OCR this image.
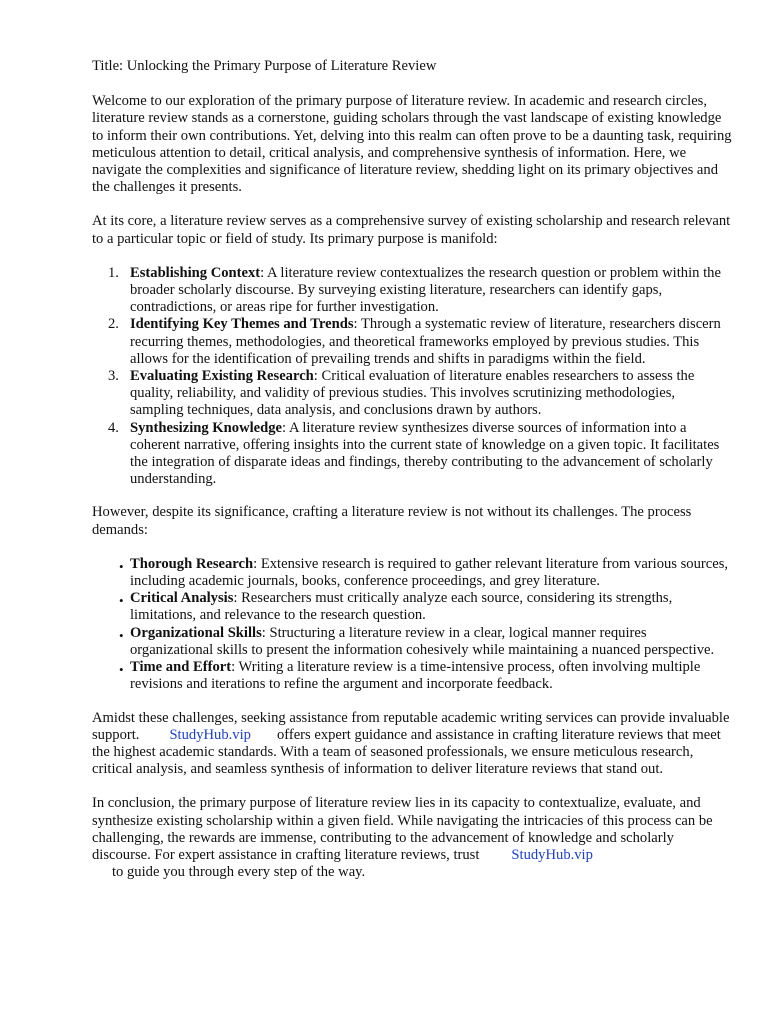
Title: Unlocking the Primary Purpose of Literature Review

Welcome to our exploration of the primary purpose of literature review. In academic and research circles, literature review stands as a cornerstone, guiding scholars through the vast landscape of existing knowledge to inform their own contributions. Yet, delving into this realm can often prove to be a daunting task, requiring meticulous attention to detail, critical analysis, and comprehensive synthesis of information. Here, we navigate the complexities and significance of literature review, shedding light on its primary objectives and the challenges it presents.

At its core, a literature review serves as a comprehensive survey of existing scholarship and research relevant to a particular topic or field of study. Its primary purpose is manifold:

1. Establishing Context: A literature review contextualizes the research question or problem within the broader scholarly discourse. By surveying existing literature, researchers can identify gaps, contradictions, or areas ripe for further investigation.
2. Identifying Key Themes and Trends: Through a systematic review of literature, researchers discern recurring themes, methodologies, and theoretical frameworks employed by previous studies. This allows for the identification of prevailing trends and shifts in paradigms within the field.
3. Evaluating Existing Research: Critical evaluation of literature enables researchers to assess the quality, reliability, and validity of previous studies. This involves scrutinizing methodologies, sampling techniques, data analysis, and conclusions drawn by authors.
4. Synthesizing Knowledge: A literature review synthesizes diverse sources of information into a coherent narrative, offering insights into the current state of knowledge on a given topic. It facilitates the integration of disparate ideas and findings, thereby contributing to the advancement of scholarly understanding.

However, despite its significance, crafting a literature review is not without its challenges. The process demands:

• Thorough Research: Extensive research is required to gather relevant literature from various sources, including academic journals, books, conference proceedings, and grey literature.
• Critical Analysis: Researchers must critically analyze each source, considering its strengths, limitations, and relevance to the research question.
• Organizational Skills: Structuring a literature review in a clear, logical manner requires organizational skills to present the information cohesively while maintaining a nuanced perspective.
• Time and Effort: Writing a literature review is a time-intensive process, often involving multiple revisions and iterations to refine the argument and incorporate feedback.

Amidst these challenges, seeking assistance from reputable academic writing services can provide invaluable support. StudyHub.vip offers expert guidance and assistance in crafting literature reviews that meet the highest academic standards. With a team of seasoned professionals, we ensure meticulous research, critical analysis, and seamless synthesis of information to deliver literature reviews that stand out.

In conclusion, the primary purpose of literature review lies in its capacity to contextualize, evaluate, and synthesize existing scholarship within a given field. While navigating the intricacies of this process can be challenging, the rewards are immense, contributing to the advancement of knowledge and scholarly discourse. For expert assistance in crafting literature reviews, trust StudyHub.vip
to guide you through every step of the way.
